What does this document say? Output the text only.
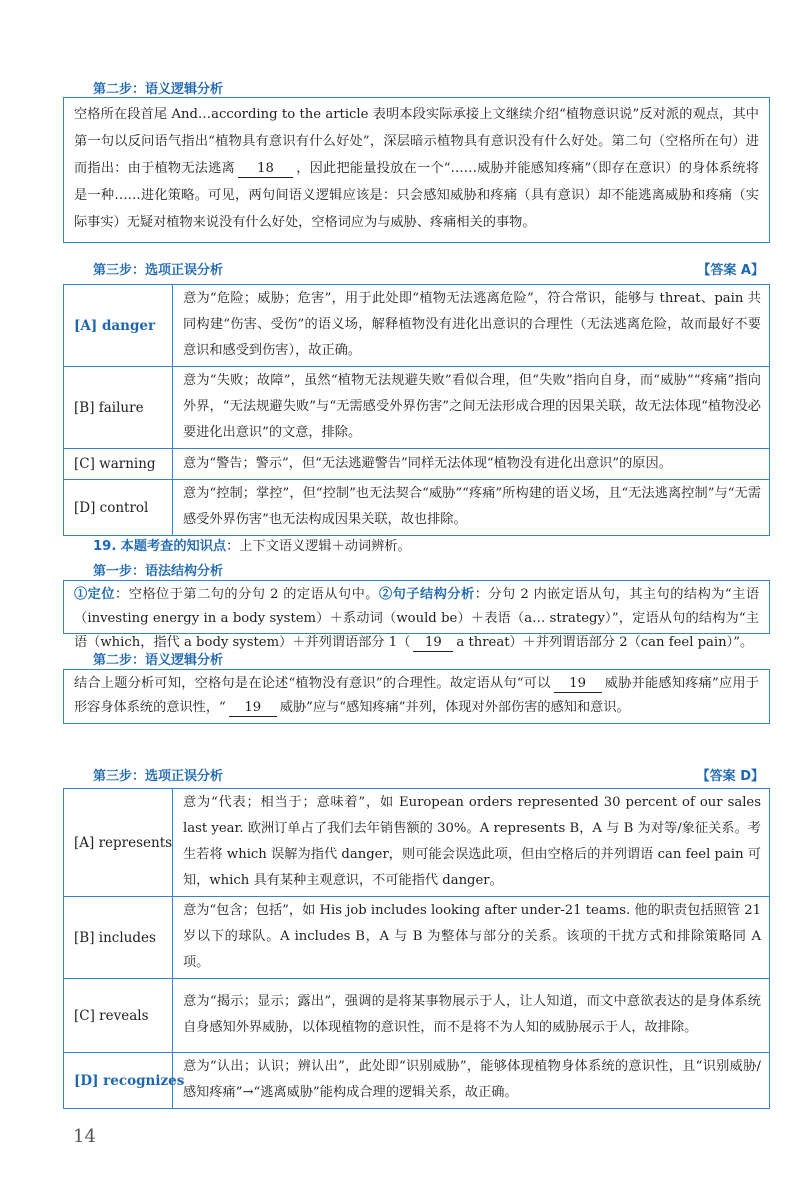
第二步：语义逻辑分析
空格所在段首尾 And…according to the article 表明本段实际承接上文继续介绍“植物意识说”反对派的观点，其中第一句以反问语气指出“植物具有意识有什么好处”，深层暗示植物具有意识没有什么好处。第二句（空格所在句）进而指出：由于植物无法逃离 18 ，因此把能量投放在一个“……威胁并能感知疼痛”（即存在意识）的身体系统将是一种……进化策略。可见，两句间语义逻辑应该是：只会感知威胁和疼痛（具有意识）却不能逃离威胁和疼痛（实际事实）无疑对植物来说没有什么好处，空格词应为与威胁、疼痛相关的事物。
第三步：选项正误分析	【答案 A】
[A] danger	意为“危险；威胁；危害”，用于此处即“植物无法逃离危险”，符合常识，能够与 threat、pain 共同构建“伤害、受伤”的语义场，解释植物没有进化出意识的合理性（无法逃离危险，故而最好不要意识和感受到伤害），故正确。
[B] failure	意为“失败；故障”，虽然“植物无法规避失败”看似合理，但“失败”指向自身，而“威胁”“疼痛”指向外界，“无法规避失败”与“无需感受外界伤害”之间无法形成合理的因果关联，故无法体现“植物没必要进化出意识”的文意，排除。
[C] warning	意为“警告；警示”，但“无法逃避警告”同样无法体现“植物没有进化出意识”的原因。
[D] control	意为“控制；掌控”，但“控制”也无法契合“威胁”“疼痛”所构建的语义场，且“无法逃离控制”与“无需感受外界伤害”也无法构成因果关联，故也排除。
19. 本题考查的知识点：上下文语义逻辑＋动词辨析。
第一步：语法结构分析
①定位：空格位于第二句的分句 2 的定语从句中。②句子结构分析：分句 2 内嵌定语从句，其主句的结构为“主语（investing energy in a body system）＋系动词（would be）＋表语（a… strategy）”，定语从句的结构为“主语（which，指代 a body system）＋并列谓语部分 1（ 19 a threat）＋并列谓语部分 2（can feel pain）”。
第二步：语义逻辑分析
结合上题分析可知，空格句是在论述“植物没有意识”的合理性。故定语从句“可以 19 威胁并能感知疼痛”应用于形容身体系统的意识性，“ 19 威胁”应与“感知疼痛”并列，体现对外部伤害的感知和意识。
第三步：选项正误分析	【答案 D】
[A] represents	意为“代表；相当于；意味着”，如 European orders represented 30 percent of our sales last year. 欧洲订单占了我们去年销售额的 30%。A represents B，A 与 B 为对等/象征关系。考生若将 which 误解为指代 danger，则可能会误选此项，但由空格后的并列谓语 can feel pain 可知，which 具有某种主观意识，不可能指代 danger。
[B] includes	意为“包含；包括”，如 His job includes looking after under-21 teams. 他的职责包括照管 21 岁以下的球队。A includes B，A 与 B 为整体与部分的关系。该项的干扰方式和排除策略同 A 项。
[C] reveals	意为“揭示；显示；露出”，强调的是将某事物展示于人，让人知道，而文中意欲表达的是身体系统自身感知外界威胁，以体现植物的意识性，而不是将不为人知的威胁展示于人，故排除。
[D] recognizes	意为“认出；认识；辨认出”，此处即“识别威胁”，能够体现植物身体系统的意识性，且“识别威胁/感知疼痛”→“逃离威胁”能构成合理的逻辑关系，故正确。
14
